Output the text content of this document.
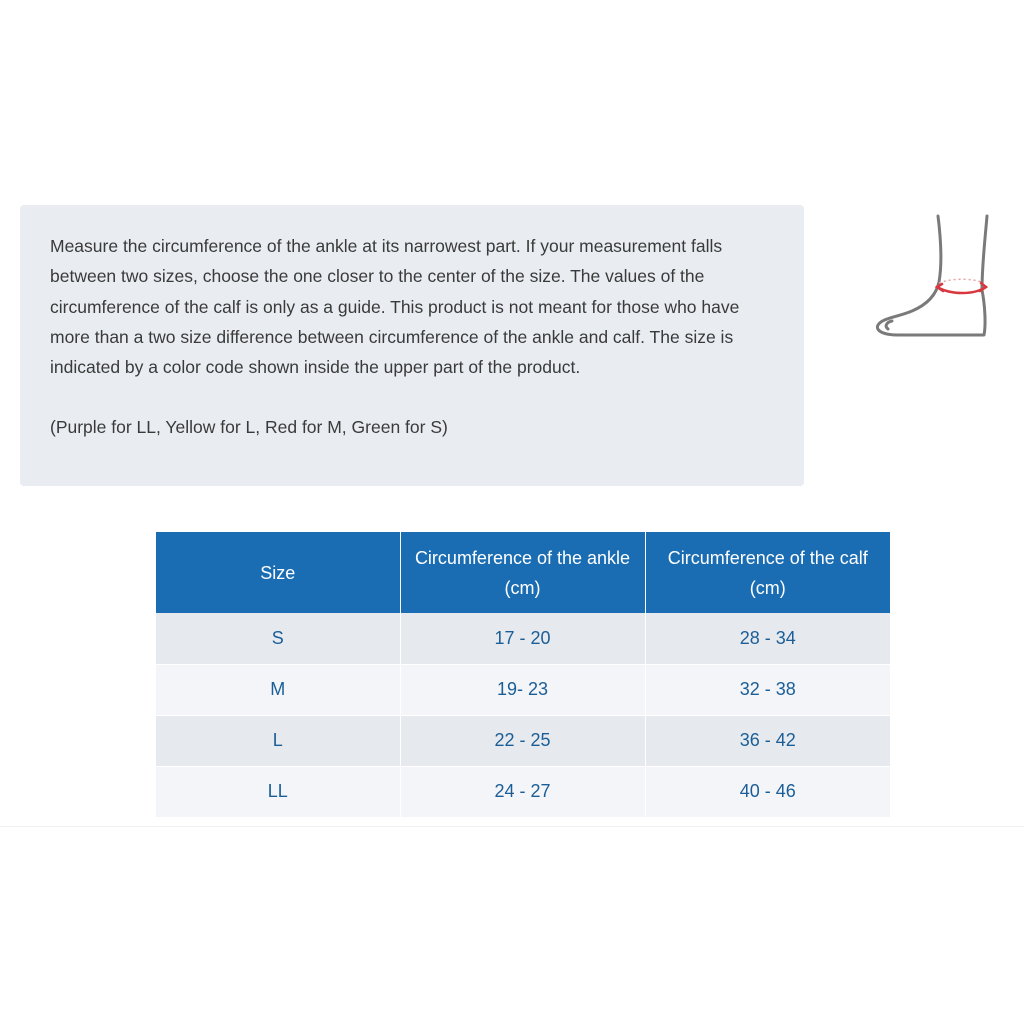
Measure the circumference of the ankle at its narrowest part. If your measurement falls between two sizes, choose the one closer to the center of the size. The values of the circumference of the calf is only as a guide. This product is not meant for those who have more than a two size difference between circumference of the ankle and calf. The size is indicated by a color code shown inside the upper part of the product.

(Purple for LL, Yellow for L, Red for M, Green for S)

Size	Circumference of the ankle (cm)	Circumference of the calf (cm)
S	17 - 20	28 - 34
M	19- 23	32 - 38
L	22 - 25	36 - 42
LL	24 - 27	40 - 46
